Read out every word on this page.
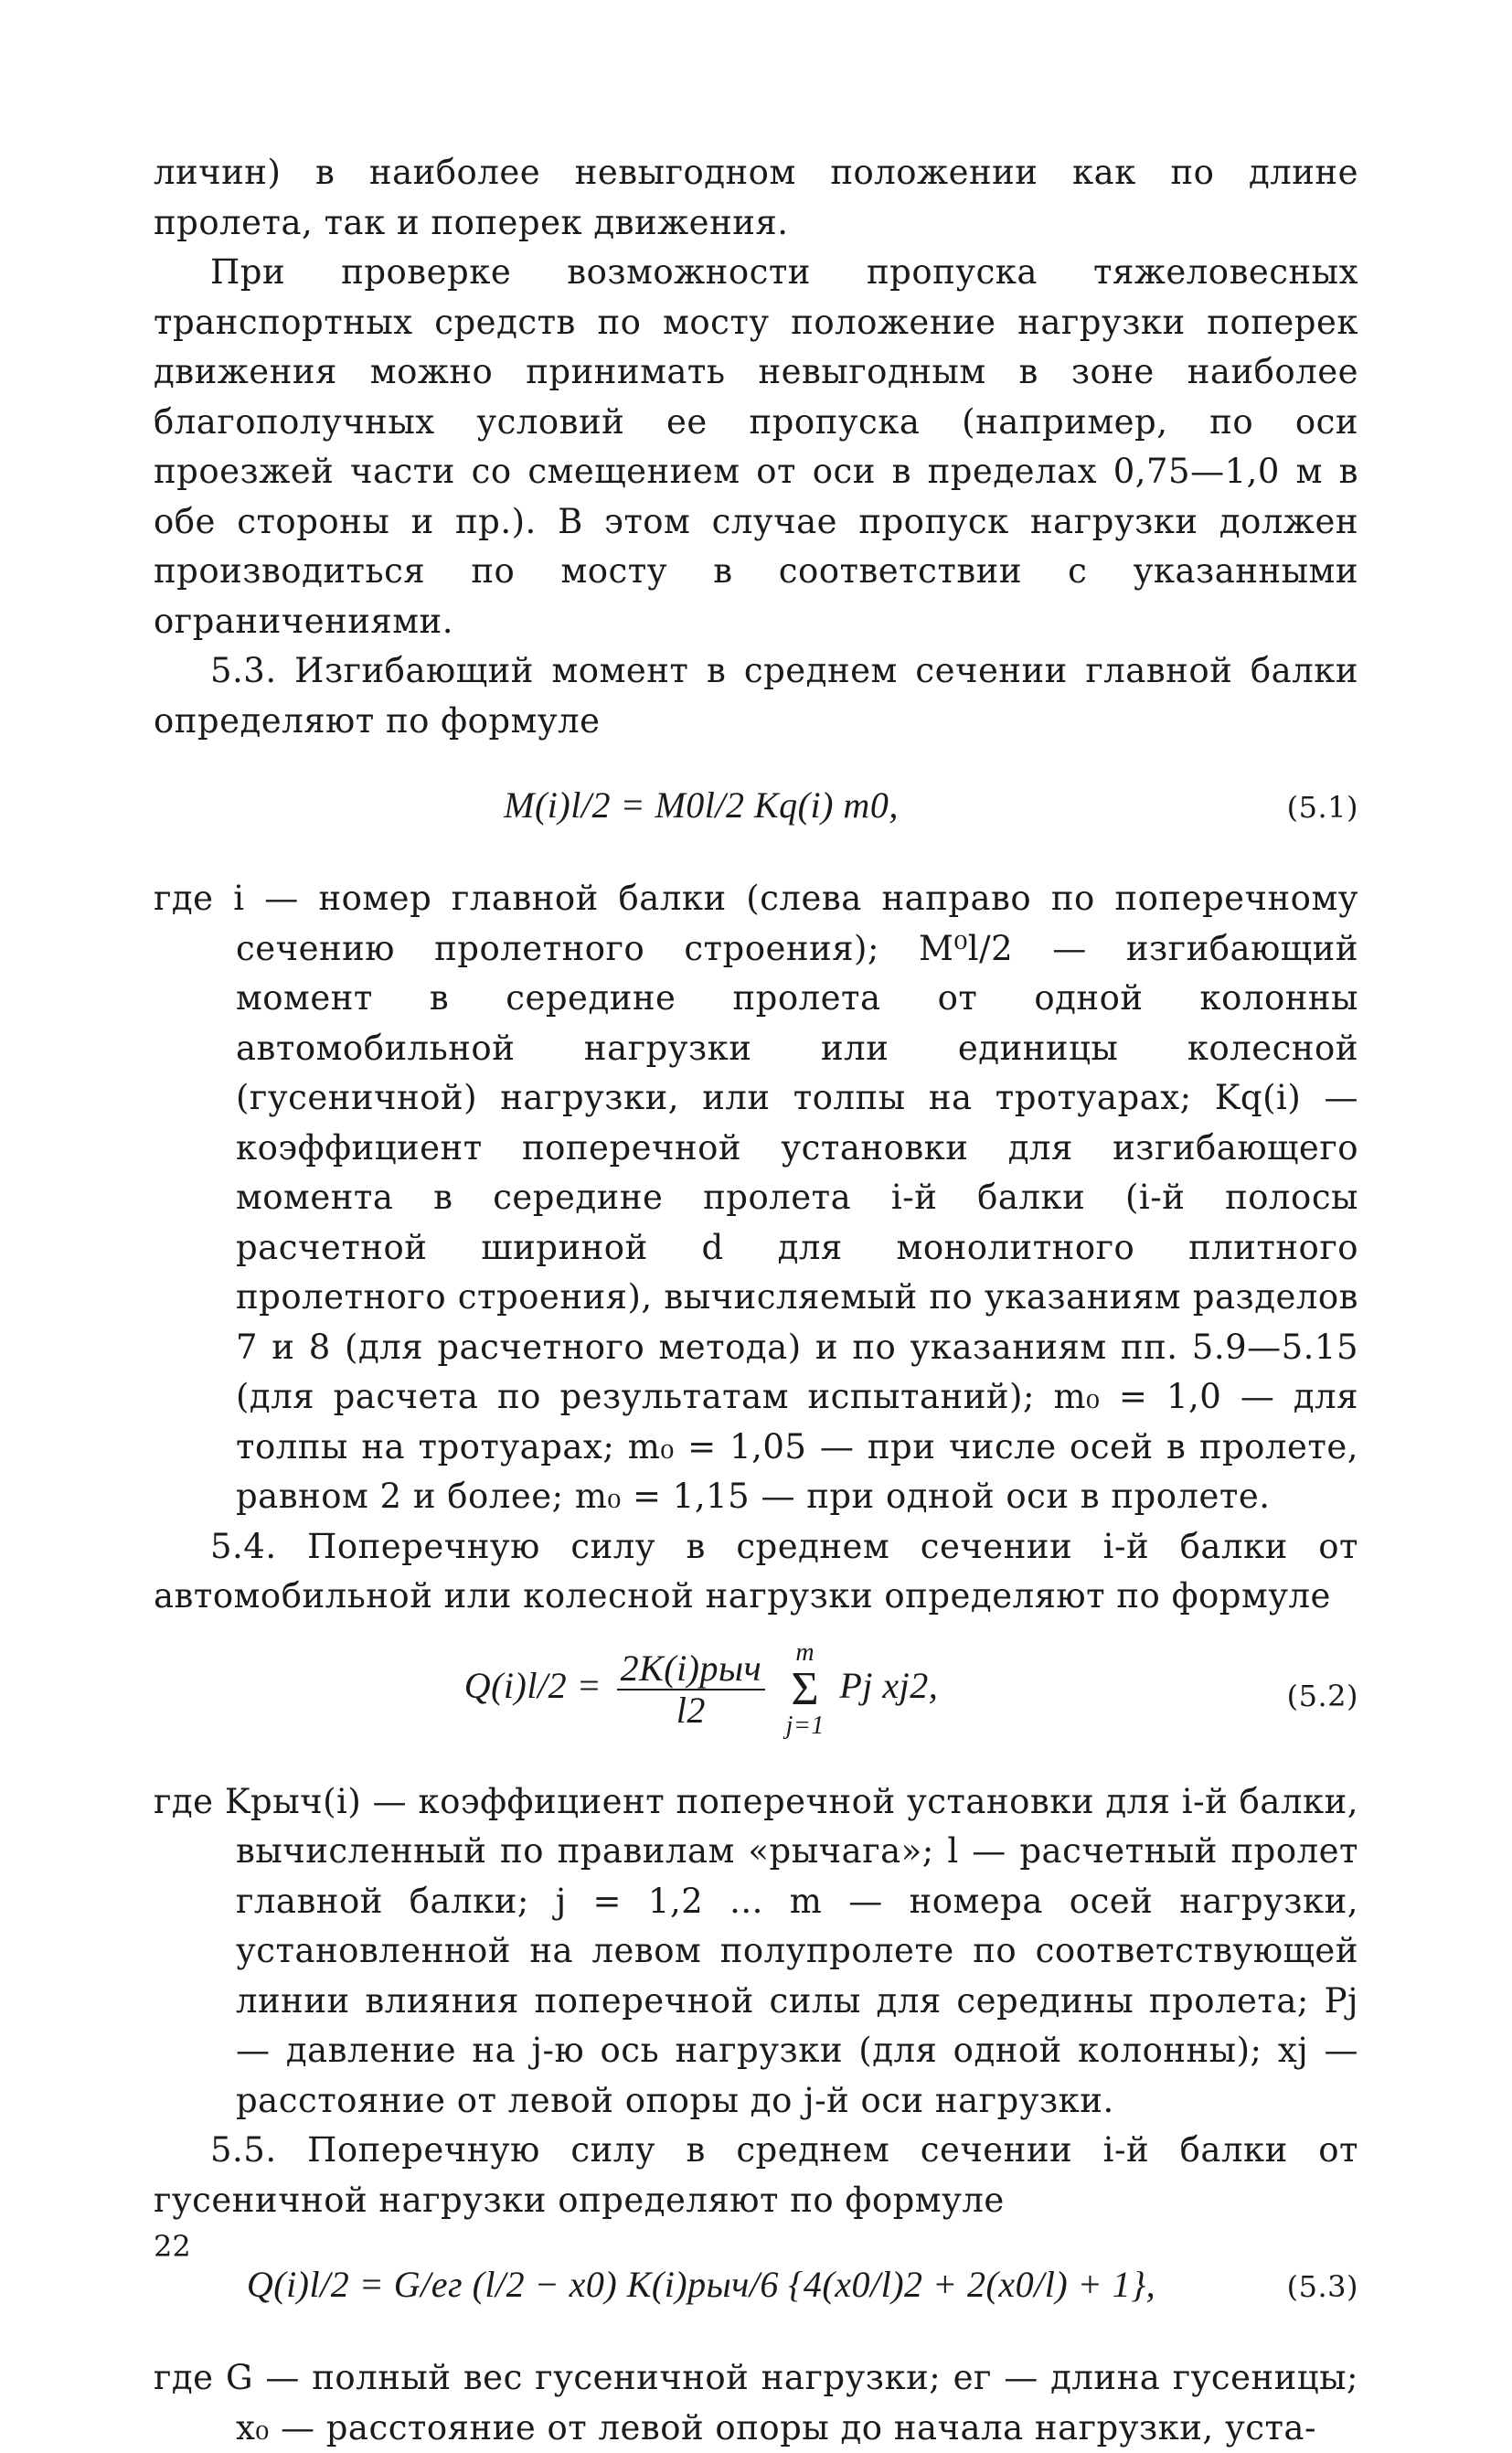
личин) в наиболее невыгодном положении как по длине пролета, так и поперек движения.

При проверке возможности пропуска тяжеловесных транспортных средств по мосту положение нагрузки поперек движения можно принимать невыгодным в зоне наиболее благополучных условий ее пропуска (например, по оси проезжей части со смещением от оси в пределах 0,75—1,0 м в обе стороны и пр.). В этом случае пропуск нагрузки должен производиться по мосту в соответствии с указанными ограничениями.

5.3. Изгибающий момент в среднем сечении главной балки определяют по формуле

M(i)l/2 = M0l/2 Kq(i) m0,	(5.1)

где i — номер главной балки (слева направо по поперечному сечению пролетного строения); M⁰l/2 — изгибающий момент в середине пролета от одной колонны автомобильной нагрузки или единицы колесной (гусеничной) нагрузки, или толпы на тротуарах; Kq(i) — коэффициент поперечной установки для изгибающего момента в середине пролета i-й балки (i-й полосы расчетной шириной d для монолитного плитного пролетного строения), вычисляемый по указаниям разделов 7 и 8 (для расчетного метода) и по указаниям пп. 5.9—5.15 (для расчета по результатам испытаний); m₀ = 1,0 — для толпы на тротуарах; m₀ = 1,05 — при числе осей в пролете, равном 2 и более; m₀ = 1,15 — при одной оси в пролете.

5.4. Поперечную силу в среднем сечении i-й балки от автомобильной или колесной нагрузки определяют по формуле

$Q(i)l/2 = \frac{\text{2K(i)рыч}}{l2}$
	m
Σ
j=1
Pj xj2,	(5.2)

где Kрыч(i) — коэффициент поперечной установки для i-й балки, вычисленный по правилам «рычага»; l — расчетный пролет главной балки; j = 1,2 ... m — номера осей нагрузки, установленной на левом полупролете по соответствующей линии влияния поперечной силы для середины пролета; Pj — давление на j-ю ось нагрузки (для одной колонны); xj — расстояние от левой опоры до j-й оси нагрузки.

5.5. Поперечную силу в среднем сечении i-й балки от гусеничной нагрузки определяют по формуле

Q(i)l/2 = G/eг (l/2 − x0) K(i)рыч/6 {4(x0/l)2 + 2(x0/l) + 1},	(5.3)

где G — полный вес гусеничной нагрузки; eг — длина гусеницы; x₀ — расстояние от левой опоры до начала нагрузки, уста-

22
